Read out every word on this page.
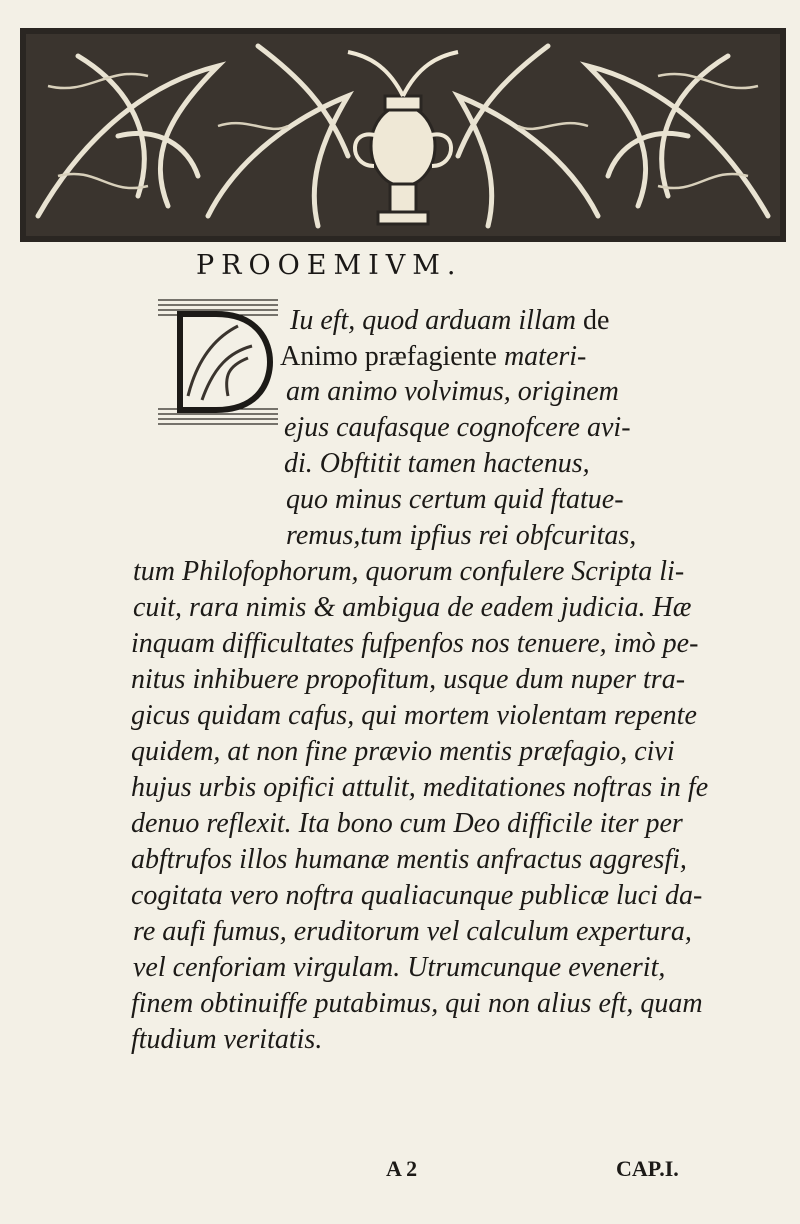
PROOEMIVM.
Iu eft, quod arduam illam de
Animo præfagiente materi-
am animo volvimus, originem
ejus caufasque cognofcere avi-
di. Obftitit tamen hactenus,
quo minus certum quid ftatue-
remus,tum ipfius rei obfcuritas,
tum Philofophorum, quorum confulere Scripta li-
cuit, rara nimis & ambigua de eadem judicia. Hæ
inquam difficultates fufpenfos nos tenuere, imò pe-
nitus inhibuere propofitum, usque dum nuper tra-
gicus quidam cafus, qui mortem violentam repente
quidem, at non fine prævio mentis præfagio, civi
hujus urbis opifici attulit, meditationes noftras in fe
denuo reflexit. Ita bono cum Deo difficile iter per
abftrufos illos humanæ mentis anfractus aggresfi,
cogitata vero noftra qualiacunque publicæ luci da-
re aufi fumus, eruditorum vel calculum expertura,
vel cenforiam virgulam. Utrumcunque evenerit,
finem obtinuiffe putabimus, qui non alius eft, quam
ftudium veritatis.
A 2	CAP.I.
